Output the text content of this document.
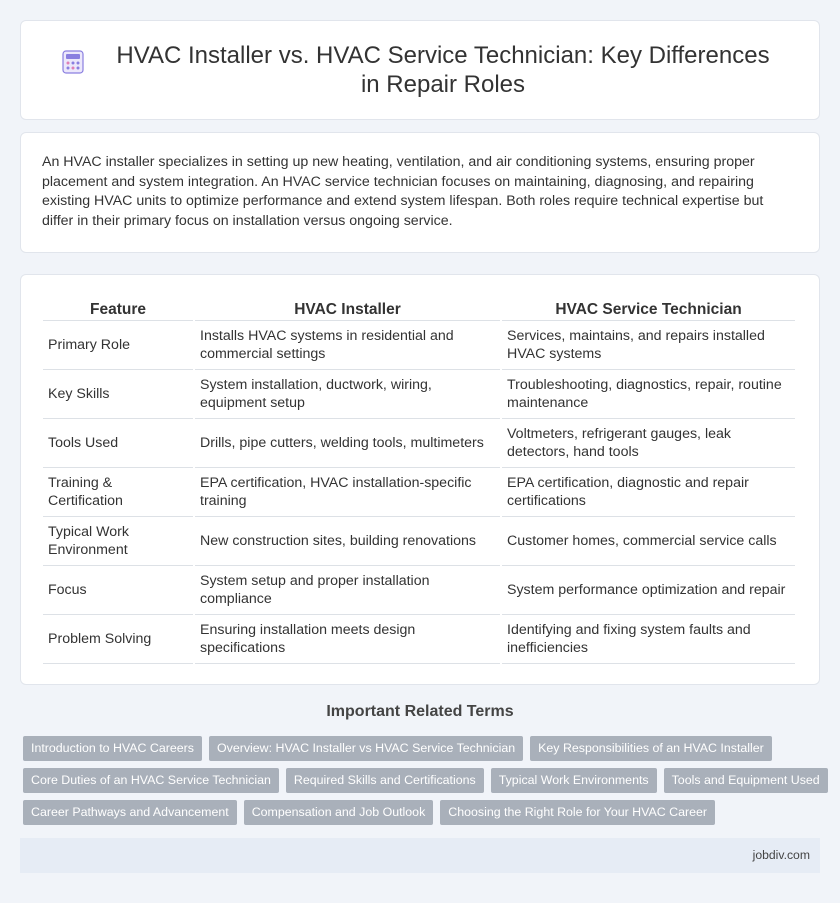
HVAC Installer vs. HVAC Service Technician: Key Differences in Repair Roles

An HVAC installer specializes in setting up new heating, ventilation, and air conditioning systems, ensuring proper placement and system integration. An HVAC service technician focuses on maintaining, diagnosing, and repairing existing HVAC units to optimize performance and extend system lifespan. Both roles require technical expertise but differ in their primary focus on installation versus ongoing service.

Feature	HVAC Installer	HVAC Service Technician
Primary Role	Installs HVAC systems in residential and commercial settings	Services, maintains, and repairs installed HVAC systems
Key Skills	System installation, ductwork, wiring, equipment setup	Troubleshooting, diagnostics, repair, routine maintenance
Tools Used	Drills, pipe cutters, welding tools, multimeters	Voltmeters, refrigerant gauges, leak detectors, hand tools
Training & Certification	EPA certification, HVAC installation-specific training	EPA certification, diagnostic and repair certifications
Typical Work Environment	New construction sites, building renovations	Customer homes, commercial service calls
Focus	System setup and proper installation compliance	System performance optimization and repair
Problem Solving	Ensuring installation meets design specifications	Identifying and fixing system faults and inefficiencies
Important Related Terms
Introduction to HVAC Careers	Overview: HVAC Installer vs HVAC Service Technician	Key Responsibilities of an HVAC Installer
Core Duties of an HVAC Service Technician	Required Skills and Certifications	Typical Work Environments	Tools and Equipment Used
Career Pathways and Advancement	Compensation and Job Outlook	Choosing the Right Role for Your HVAC Career
jobdiv.com
